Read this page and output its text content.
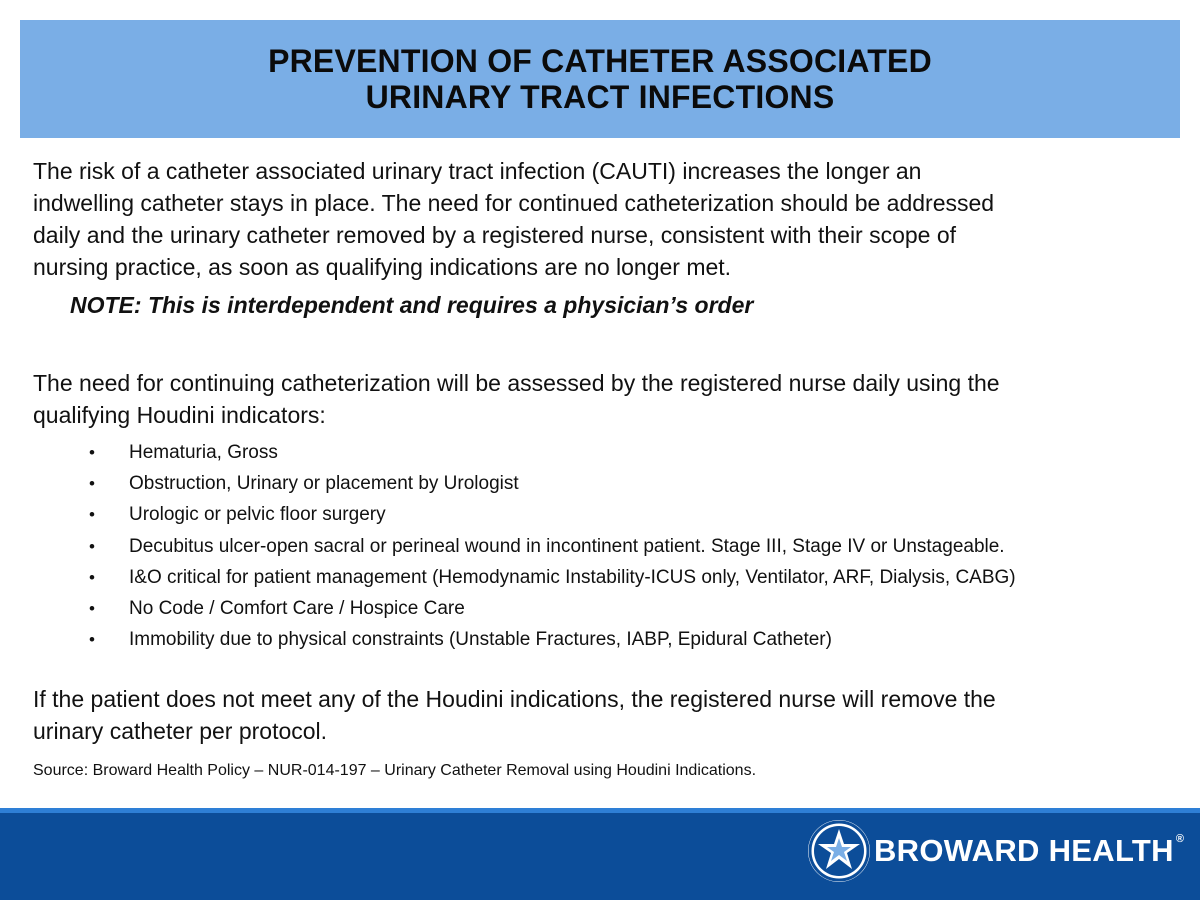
PREVENTION OF CATHETER ASSOCIATED
URINARY TRACT INFECTIONS
The risk of a catheter associated urinary tract infection (CAUTI) increases the longer an
indwelling catheter stays in place. The need for continued catheterization should be addressed
daily and the urinary catheter removed by a registered nurse, consistent with their scope of
nursing practice, as soon as qualifying indications are no longer met.
NOTE: This is interdependent and requires a physician’s order
The need for continuing catheterization will be assessed by the registered nurse daily using the
qualifying Houdini indicators:
•	Hematuria, Gross
•	Obstruction, Urinary or placement by Urologist
•	Urologic or pelvic floor surgery
•	Decubitus ulcer-open sacral or perineal wound in incontinent patient. Stage III, Stage IV or Unstageable.
•	I&O critical for patient management (Hemodynamic Instability-ICUS only, Ventilator, ARF, Dialysis, CABG)
•	No Code / Comfort Care / Hospice Care
•	Immobility due to physical constraints (Unstable Fractures, IABP, Epidural Catheter)
If the patient does not meet any of the Houdini indications, the registered nurse will remove the
urinary catheter per protocol.
Source: Broward Health Policy – NUR-014-197 – Urinary Catheter Removal using Houdini Indications.
BROWARD HEALTH ®
